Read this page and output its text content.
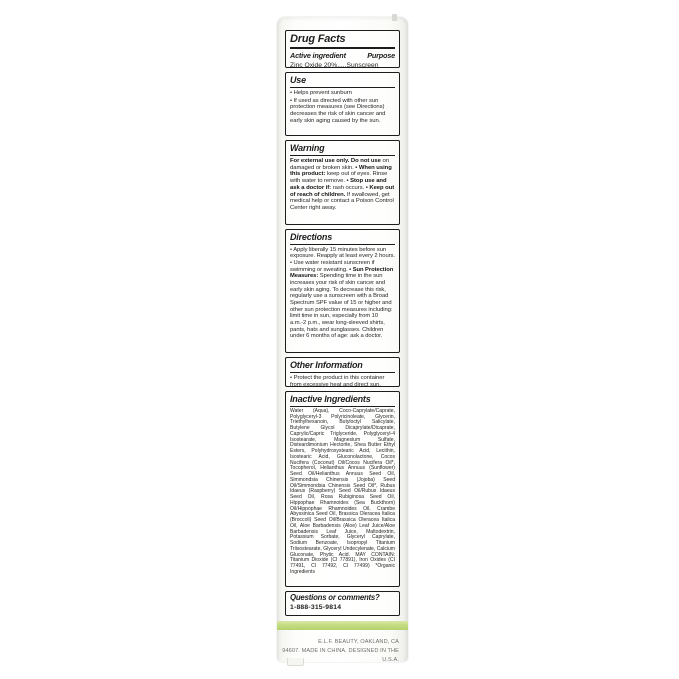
Drug Facts
Active ingredient	Purpose
Zinc Oxide 20%.....Sunscreen
Use

• Helps prevent sunburn

• If used as directed with other sun protection measures (see Directions) decreases the risk of skin cancer and early skin aging caused by the sun.

Warning
For external use only. Do not use on damaged or broken skin. • When using this product: keep out of eyes. Rinse with water to remove. • Stop use and ask a doctor if: rash occurs. • Keep out of reach of children. If swallowed, get medical help or contact a Poison Control Center right away.
Directions
• Apply liberally 15 minutes before sun exposure. Reapply at least every 2 hours. • Use water resistant sunscreen if swimming or sweating. • Sun Protection Measures: Spending time in the sun increases your risk of skin cancer and early skin aging. To decrease this risk, regularly use a sunscreen with a Broad Spectrum SPF value of 15 or higher and other sun protection measures including: limit time in sun, especially from 10 a.m.-2 p.m., wear long-sleeved shirts, pants, hats and sunglasses. Children under 6 months of age: ask a doctor.
Other Information
• Protect the product in this container from excessive heat and direct sun.
Inactive Ingredients
Water (Aqua), Coco-Caprylate/Caprate, Polyglyceryl-3 Polyricinoleate, Glycerin, Triethylhexanoin, Butyloctyl Salicylate, Butylene Glycol Dicaprylate/Dicaprate, Caprylic/Capric Triglyceride, Polyglyceryl-4 Isostearate, Magnesium Sulfate, Disteardimonium Hectorite, Shea Butter Ethyl Esters, Polyhydroxystearic Acid, Lecithin, Isostearic Acid, Gluconolactone, Cocos Nucifera (Coconut) Oil/Cocos Nucifera Oil*, Tocopherol, Helianthus Annuus (Sunflower) Seed Oil/Helianthus Annuus Seed Oil, Simmondsia Chinensis (Jojoba) Seed Oil/Simmondsia Chinensis Seed Oil*, Rubus Idaeus (Raspberry) Seed Oil/Rubus Idaeus Seed Oil, Rosa Rubiginosa Seed Oil, Hippophae Rhamnoides (Sea Buckthorn) Oil/Hippophae Rhamnoides Oil, Crambe Abyssinica Seed Oil, Brassica Oleracea Italica (Broccoli) Seed Oil/Brassica Oleracea Italica Oil, Aloe Barbadensis (Aloe) Leaf Juice/Aloe Barbadensis Leaf Juice, Maltodextrin, Potassium Sorbate, Glyceryl Caprylate, Sodium Benzoate, Isopropyl Titanium Triisostearate, Glyceryl Undecylenate, Calcium Gluconate, Phytic Acid. MAY CONTAIN: Titanium Dioxide (CI 77891), Iron Oxides (CI 77491, CI 77492, CI 77499) *Organic Ingredients
Questions or comments?
1-888-315-9814
E.L.F. BEAUTY, OAKLAND, CA
94607. MADE IN CHINA. DESIGNED IN THE U.S.A.
